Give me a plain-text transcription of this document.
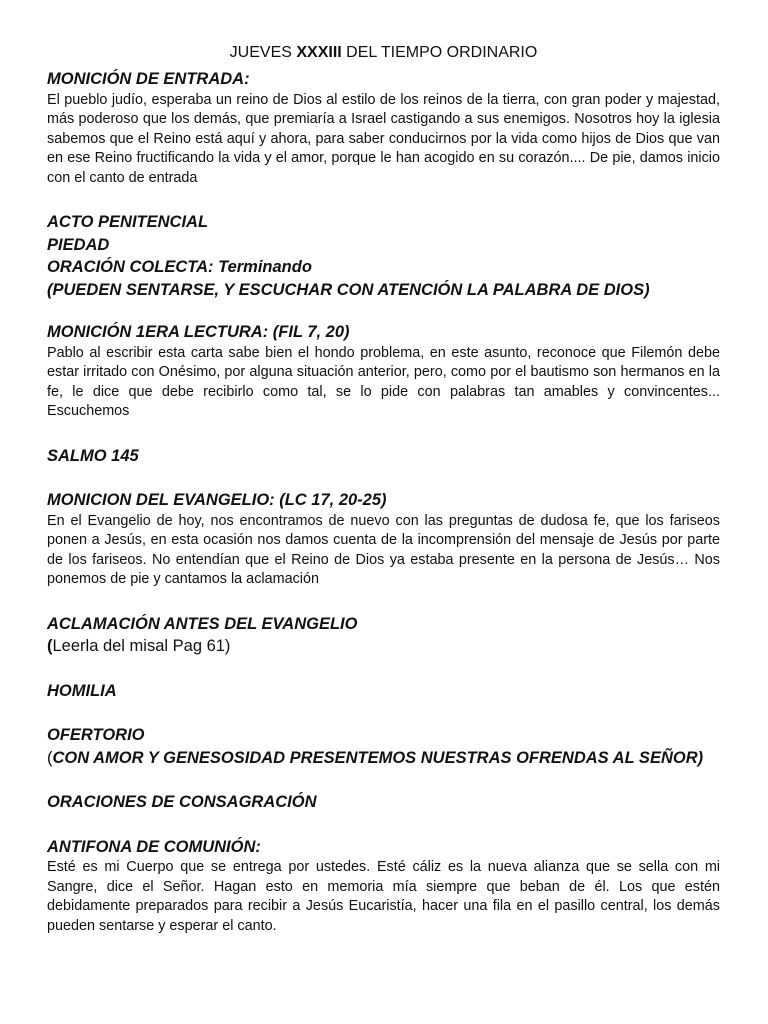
JUEVES XXXIII DEL TIEMPO ORDINARIO

MONICIÓN DE ENTRADA:

El pueblo judío, esperaba un reino de Dios al estilo de los reinos de la tierra, con gran poder y majestad, más poderoso que los demás, que premiaría a Israel castigando a sus enemigos. Nosotros hoy la iglesia sabemos que el Reino está aquí y ahora, para saber conducirnos por la vida como hijos de Dios que van en ese Reino fructificando la vida y el amor, porque le han acogido en su corazón.... De pie, damos inicio con el canto de entrada

ACTO PENITENCIAL

PIEDAD

ORACIÓN COLECTA: Terminando

(PUEDEN SENTARSE, Y ESCUCHAR CON ATENCIÓN LA PALABRA DE DIOS)

MONICIÓN 1ERA LECTURA: (FIL 7, 20)

Pablo al escribir esta carta sabe bien el hondo problema, en este asunto, reconoce que Filemón debe estar irritado con Onésimo, por alguna situación anterior, pero, como por el bautismo son hermanos en la fe, le dice que debe recibirlo como tal, se lo pide con palabras tan amables y convincentes... Escuchemos

SALMO 145

MONICION DEL EVANGELIO: (LC 17, 20-25)

En el Evangelio de hoy, nos encontramos de nuevo con las preguntas de dudosa fe, que los fariseos ponen a Jesús, en esta ocasión nos damos cuenta de la incomprensión del mensaje de Jesús por parte de los fariseos. No entendían que el Reino de Dios ya estaba presente en la persona de Jesús… Nos ponemos de pie y cantamos la aclamación

ACLAMACIÓN ANTES DEL EVANGELIO

(Leerla del misal Pag 61)

HOMILIA

OFERTORIO

(CON AMOR Y GENESOSIDAD PRESENTEMOS NUESTRAS OFRENDAS AL SEÑOR)

ORACIONES DE CONSAGRACIÓN

ANTIFONA DE COMUNIÓN:

Esté es mi Cuerpo que se entrega por ustedes. Esté cáliz es la nueva alianza que se sella con mi Sangre, dice el Señor. Hagan esto en memoria mía siempre que beban de él. Los que estén debidamente preparados para recibir a Jesús Eucaristía, hacer una fila en el pasillo central, los demás pueden sentarse y esperar el canto.
